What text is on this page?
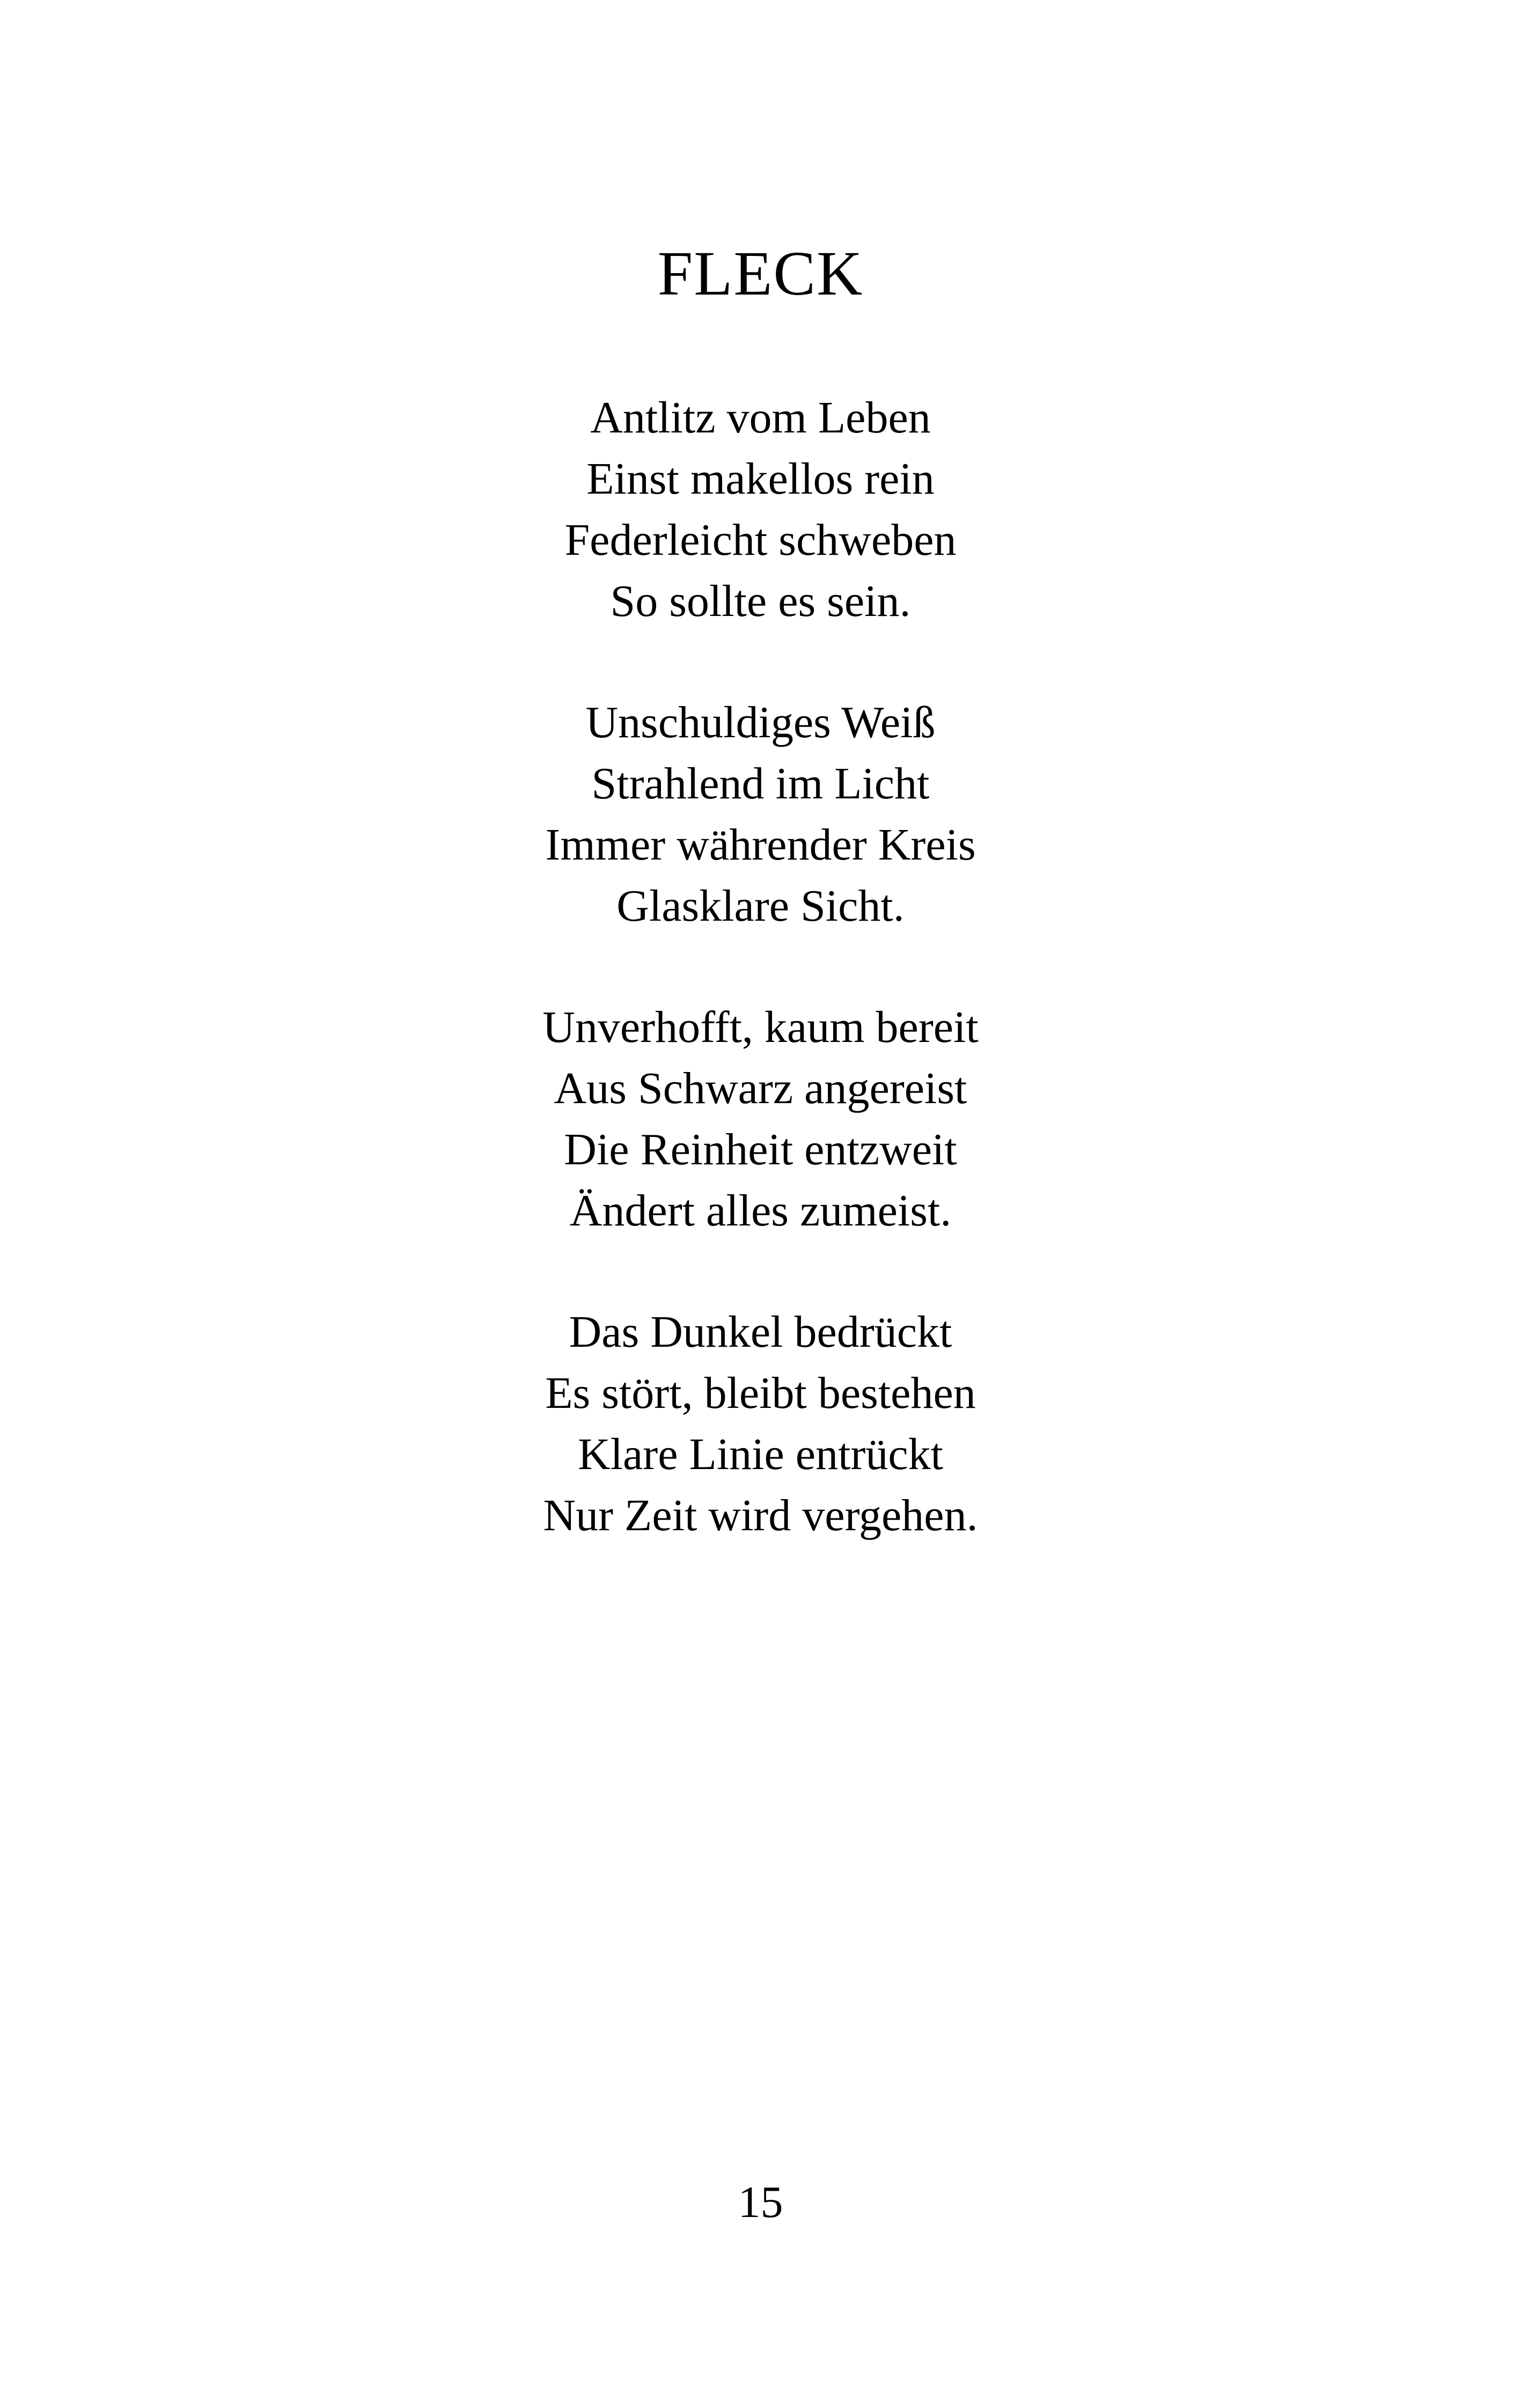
FLECK
Antlitz vom Leben
Einst makellos rein
Federleicht schweben
So sollte es sein.
Unschuldiges Weiß
Strahlend im Licht
Immer währender Kreis
Glasklare Sicht.
Unverhofft, kaum bereit
Aus Schwarz angereist
Die Reinheit entzweit
Ändert alles zumeist.
Das Dunkel bedrückt
Es stört, bleibt bestehen
Klare Linie entrückt
Nur Zeit wird vergehen.
15
